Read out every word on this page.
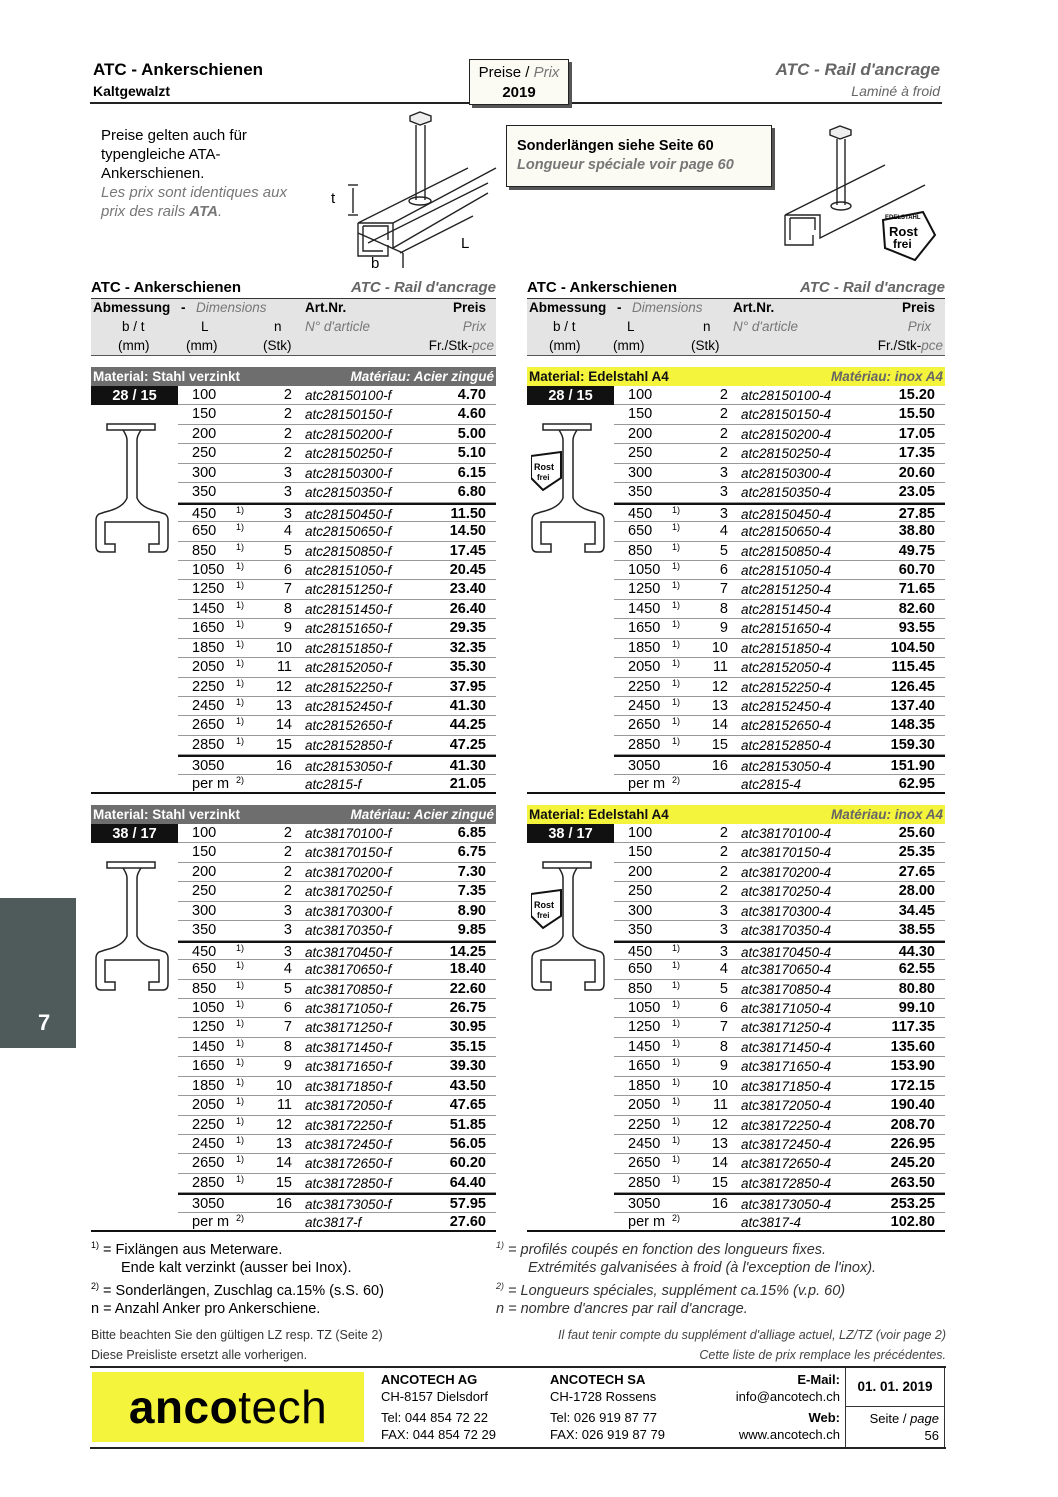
ATC - Ankerschienen
Kaltgewalzt
ATC - Rail d'ancrage
Laminé à froid
Preise / Prix
2019
Preise gelten auch für
typengleiche ATA-
Ankerschienen.
Les prix sont identiques aux
prix des rails ATA.
t
b
L
Sonderlängen siehe Seite 60
Longueur spéciale voir page 60
EDELSTAHL
Rost
frei
ATC - Ankerschienen	ATC - Rail d'ancrage
Abmessung - Dimensions	Art.Nr.	Preis
b / t	L	n N° d'article	Prix
(mm)	(mm)	(Stk)	Fr./Stk-pce
ATC - Ankerschienen	ATC - Rail d'ancrage
Abmessung - Dimensions Art.Nr.	Preis
b / t	L	n N° d'article	Prix
(mm) (mm)	(Stk)	Fr./Stk-pce
Material: Stahl verzinkt	Matériau: Acier zingué
28 / 15	100	2 atc28150100-f	4.70
150	2 atc28150150-f	4.60
200	2 atc28150200-f	5.00
250	2 atc28150250-f	5.10
300	3 atc28150300-f	6.15
350	3 atc28150350-f	6.80
450 1)	3 atc28150450-f	11.50
650 1)	4 atc28150650-f	14.50
850 1)	5 atc28150850-f	17.45
1050 1)	6 atc28151050-f	20.45
1250 1)	7 atc28151250-f	23.40
1450 1)	8 atc28151450-f	26.40
1650 1)	9 atc28151650-f	29.35
1850 1)	10 atc28151850-f	32.35
2050 1)	11 atc28152050-f	35.30
2250 1)	12 atc28152250-f	37.95
2450 1)	13 atc28152450-f	41.30
2650 1)	14 atc28152650-f	44.25
2850 1)	15 atc28152850-f	47.25
3050	16 atc28153050-f	41.30
per m 2)	atc2815-f	21.05
Material: Edelstahl A4	Matériau: inox A4
28 / 15
Rost
frei
100	2 atc28150100-4	15.20
150	2 atc28150150-4	15.50
200	2 atc28150200-4	17.05
250	2 atc28150250-4	17.35
300	3 atc28150300-4	20.60
350	3 atc28150350-4	23.05
450 1)	3 atc28150450-4	27.85
650 1)	4 atc28150650-4	38.80
850 1)	5 atc28150850-4	49.75
1050 1)	6 atc28151050-4	60.70
1250 1)	7 atc28151250-4	71.65
1450 1)	8 atc28151450-4	82.60
1650 1)	9 atc28151650-4	93.55
1850 1)	10 atc28151850-4	104.50
2050 1)	11 atc28152050-4	115.45
2250 1)	12 atc28152250-4	126.45
2450 1)	13 atc28152450-4	137.40
2650 1)	14 atc28152650-4	148.35
2850 1)	15 atc28152850-4	159.30
3050	16 atc28153050-4	151.90
per m 2)	atc2815-4	62.95
Material: Stahl verzinkt	Matériau: Acier zingué
38 / 17	100	2 atc38170100-f	6.85
150	2 atc38170150-f	6.75
200	2 atc38170200-f	7.30
250	2 atc38170250-f	7.35
300	3 atc38170300-f	8.90
350	3 atc38170350-f	9.85
450 1)	3 atc38170450-f	14.25
650 1)	4 atc38170650-f	18.40
850 1)	5 atc38170850-f	22.60
1050 1)	6 atc38171050-f	26.75
1250 1)	7 atc38171250-f	30.95
1450 1)	8 atc38171450-f	35.15
1650 1)	9 atc38171650-f	39.30
1850 1)	10 atc38171850-f	43.50
2050 1)	11 atc38172050-f	47.65
2250 1)	12 atc38172250-f	51.85
2450 1)	13 atc38172450-f	56.05
2650 1)	14 atc38172650-f	60.20
2850 1)	15 atc38172850-f	64.40
3050	16 atc38173050-f	57.95
per m 2)	atc3817-f	27.60
Material: Edelstahl A4	Matériau: inox A4
38 / 17
Rost
frei
100	2 atc38170100-4	25.60
150	2 atc38170150-4	25.35
200	2 atc38170200-4	27.65
250	2 atc38170250-4	28.00
300	3 atc38170300-4	34.45
350	3 atc38170350-4	38.55
450 1)	3 atc38170450-4	44.30
650 1)	4 atc38170650-4	62.55
850 1)	5 atc38170850-4	80.80
1050 1)	6 atc38171050-4	99.10
1250 1)	7 atc38171250-4	117.35
1450 1)	8 atc38171450-4	135.60
1650 1)	9 atc38171650-4	153.90
1850 1)	10 atc38171850-4	172.15
2050 1)	11 atc38172050-4	190.40
2250 1)	12 atc38172250-4	208.70
2450 1)	13 atc38172450-4	226.95
2650 1)	14 atc38172650-4	245.20
2850 1)	15 atc38172850-4	263.50
3050	16 atc38173050-4	253.25
per m 2)	atc3817-4	102.80
$^{1)}$ = Fixlängen aus Meterware.
Ende kalt verzinkt (ausser bei Inox).
$^{2)}$ = Sonderlängen, Zuschlag ca.15% (s.S. 60)
n = Anzahl Anker pro Ankerschiene.
$^{1)}$ = profilés coupés en fonction des longueurs fixes.
Extrémités galvanisées à froid (à l'exception de l'inox).
$^{2)}$ = Longueurs spéciales, supplément ca.15% (v.p. 60)
n = nombre d'ancres par rail d'ancrage.
Bitte beachten Sie den gültigen LZ resp. TZ (Seite 2)
Diese Preisliste ersetzt alle vorherigen.
Il faut tenir compte du supplément d'alliage actuel, LZ/TZ (voir page 2)
Cette liste de prix remplace les précédentes.
ancotech
ANCOTECH AG
CH-8157 Dielsdorf
Tel: 044 854 72 22
FAX: 044 854 72 29
ANCOTECH SA
CH-1728 Rossens
Tel: 026 919 87 77
FAX: 026 919 87 79
E-Mail:
info@ancotech.ch
Web:
www.ancotech.ch
01. 01. 2019
Seite / page
56
7
